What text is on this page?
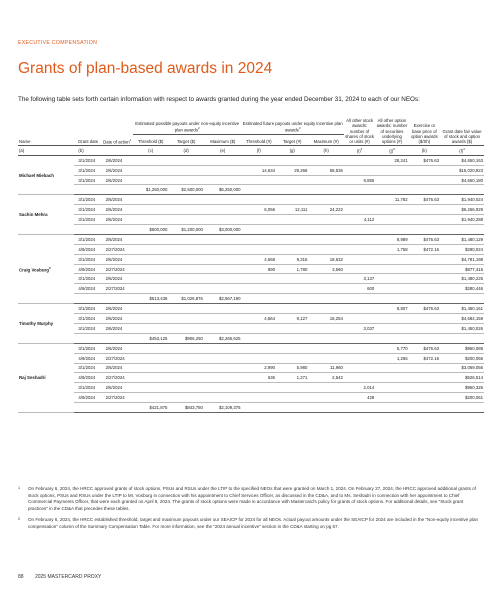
EXECUTIVE COMPENSATION
Grants of plan-based awards in 2024
The following table sets forth certain information with respect to awards granted during the year ended December 31, 2024 to each of our NEOs:
Name	Grant date	Date of action$^1$	Estimated possible payouts under non-equity incentive plan awards$^2$			Estimated future payouts under equity incentive plan awards$^3$			All other stock awards: number of shares of stock or units (#)	All other option awards: number of securities underlying options (#)	Exercise or base price of option awards ($/Sh)	Grant date fair value of stock and option awards ($)
			Threshold ($)	Target ($)	Maximum ($)	Threshold (#)	Target (#)	Maximum (#)				
(a)	(b)		(c)	(d)	(e)	(f)	(g)	(h)	$(i)^3$	$(j)^3$	(k)	$(l)^4$
Michael Miebach	3/1/2024	2/6/2024								28,241	$476.63	$4,650,163
	3/1/2024	2/6/2024				14,634	29,268	58,536				$15,020,923
	3/1/2024	2/6/2024							9,855			$4,650,180
			$1,250,000	$2,500,000	$6,250,000							
Sachin Mehra	3/1/2024	2/6/2024								11,782	$476.63	$1,940,024
	3/1/2024	2/6/2024				6,056	12,111	24,222				$6,266,929
	3/1/2024	2/6/2024							4,112			$1,940,288
			$600,000	$1,200,000	$3,000,000							
Craig Vosburg$^5$	3/1/2024	2/6/2024								8,989	$476.63	$1,480,129
	4/9/2024	2/27/2024								1,758	$472.16	$280,024
	3/1/2024	2/6/2024				4,658	9,316	18,632				$4,781,198
	4/9/2024	2/27/2024				890	1,780	3,560				$877,415
	3/1/2024	2/6/2024							3,137			$1,480,225
	4/9/2024	2/27/2024							600			$280,446
			$513,438	$1,026,876	$2,567,190							
Timothy Murphy	3/1/2024	2/6/2024								8,807	$476.63	$1,450,161
	3/1/2024	2/6/2024				4,564	9,127	18,254				$4,684,159
	3/1/2024	2/6/2024							3,037			$1,450,026
			$453,125	$906,250	$2,265,625							
Raj Seshadri	3/1/2024	2/6/2024								5,770	$476.63	$950,088
	4/9/2024	2/27/2024								1,256	$472.16	$200,056
	3/1/2024	2/6/2024				2,990	5,980	11,960				$3,069,056
	4/9/2024	2/27/2024				636	1,271	2,542				$626,514
	3/1/2024	2/6/2024							2,014			$950,326
	4/9/2024	2/27/2024							428			$200,051
			$421,875	$843,750	$2,109,375							
1	On February 6, 2024, the HRCC approved grants of stock options, PSUs and RSUs under the LTIP to the specified NEOs that were granted on March 1, 2024. On February 27, 2024, the HRCC approved additional grants of stock options, PSUs and RSUs under the LTIP to Mr. Vosburg in connection with his appointment to Chief Services Officer, as discussed in the CD&A, and to Ms. Seshadri in connection with her appointment to Chief Commercial Payments Officer, that were each granted on April 9, 2024. The grants of stock options were made in accordance with Mastercard's policy for grants of stock options. For additional details, see "Stock grant practices" in the CD&A that precedes these tables.
2	On February 6, 2024, the HRCC established threshold, target and maximum payouts under our SEAICP for 2024 for all NEOs. Actual payout amounts under the SEAICP for 2024 are included in the "Non-equity incentive plan compensation" column of the Summary Compensation Table. For more information, see the "2024 annual incentive" section in the CD&A starting on pg 67.
88 2025 MASTERCARD PROXY
